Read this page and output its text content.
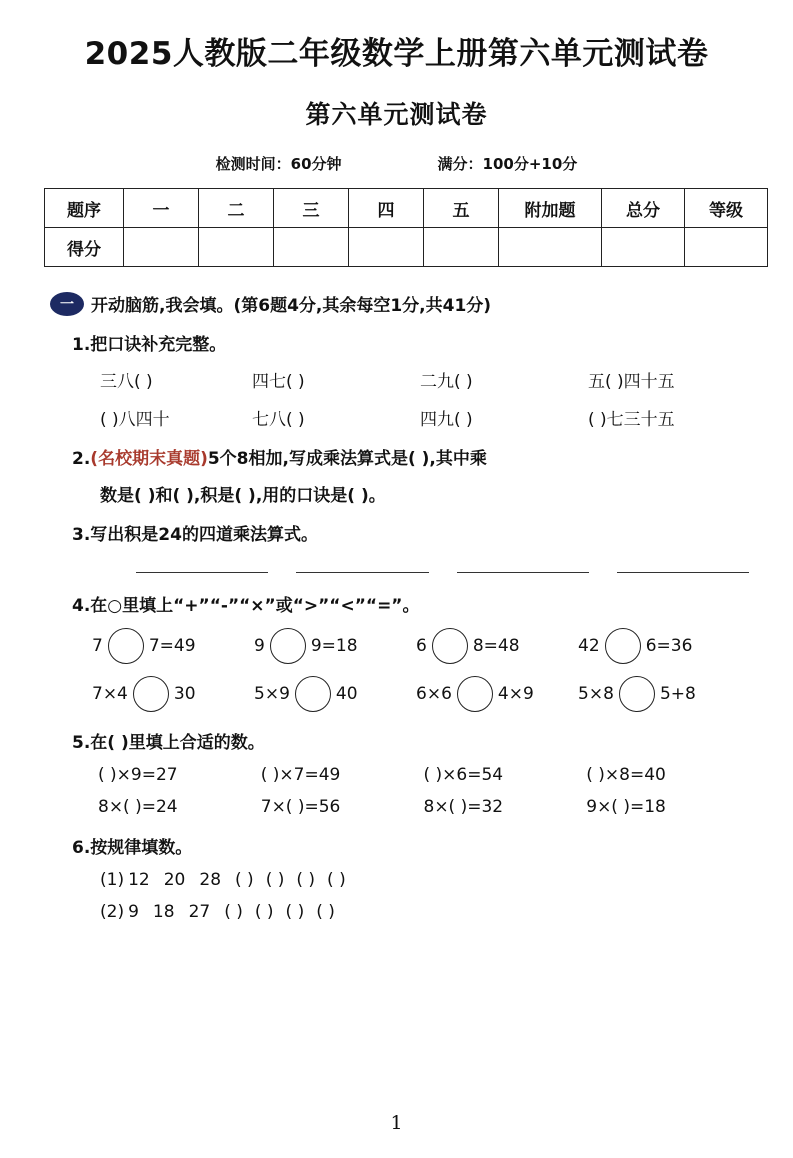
2025人教版二年级数学上册第六单元测试卷
第六单元测试卷
检测时间：60分钟	满分：100分+10分
题序	一	二	三	四	五	附加题	总分	等级
得分								
一	开动脑筋,我会填。 (第6题4分,其余每空1分,共41分)
1.把口诀补充完整。
三八( )	四七( )	二九( )	五( )四十五
( )八四十	七八( )	四九( )	( )七三十五
2.(名校期末真题)5个8相加,写成乘法算式是( ),其中乘
数是( )和( ),积是( ),用的口诀是( )。
3.写出积是24的四道乘法算式。
4.在○里填上“+”“-”“×”或“>”“<”“=”。
7	7=49	9	9=18	6	8=48	42	6=36
7×4	30	5×9	40	6×6	4×9	5×8	5+8
5.在( )里填上合适的数。
( )×9=27	( )×7=49	( )×6=54	( )×8=40
8×( )=24	7×( )=56	8×( )=32	9×( )=18
6.按规律填数。
(1) 12 20 28 ( ) ( ) ( ) ( )
(2) 9 18 27 ( ) ( ) ( ) ( )
1
